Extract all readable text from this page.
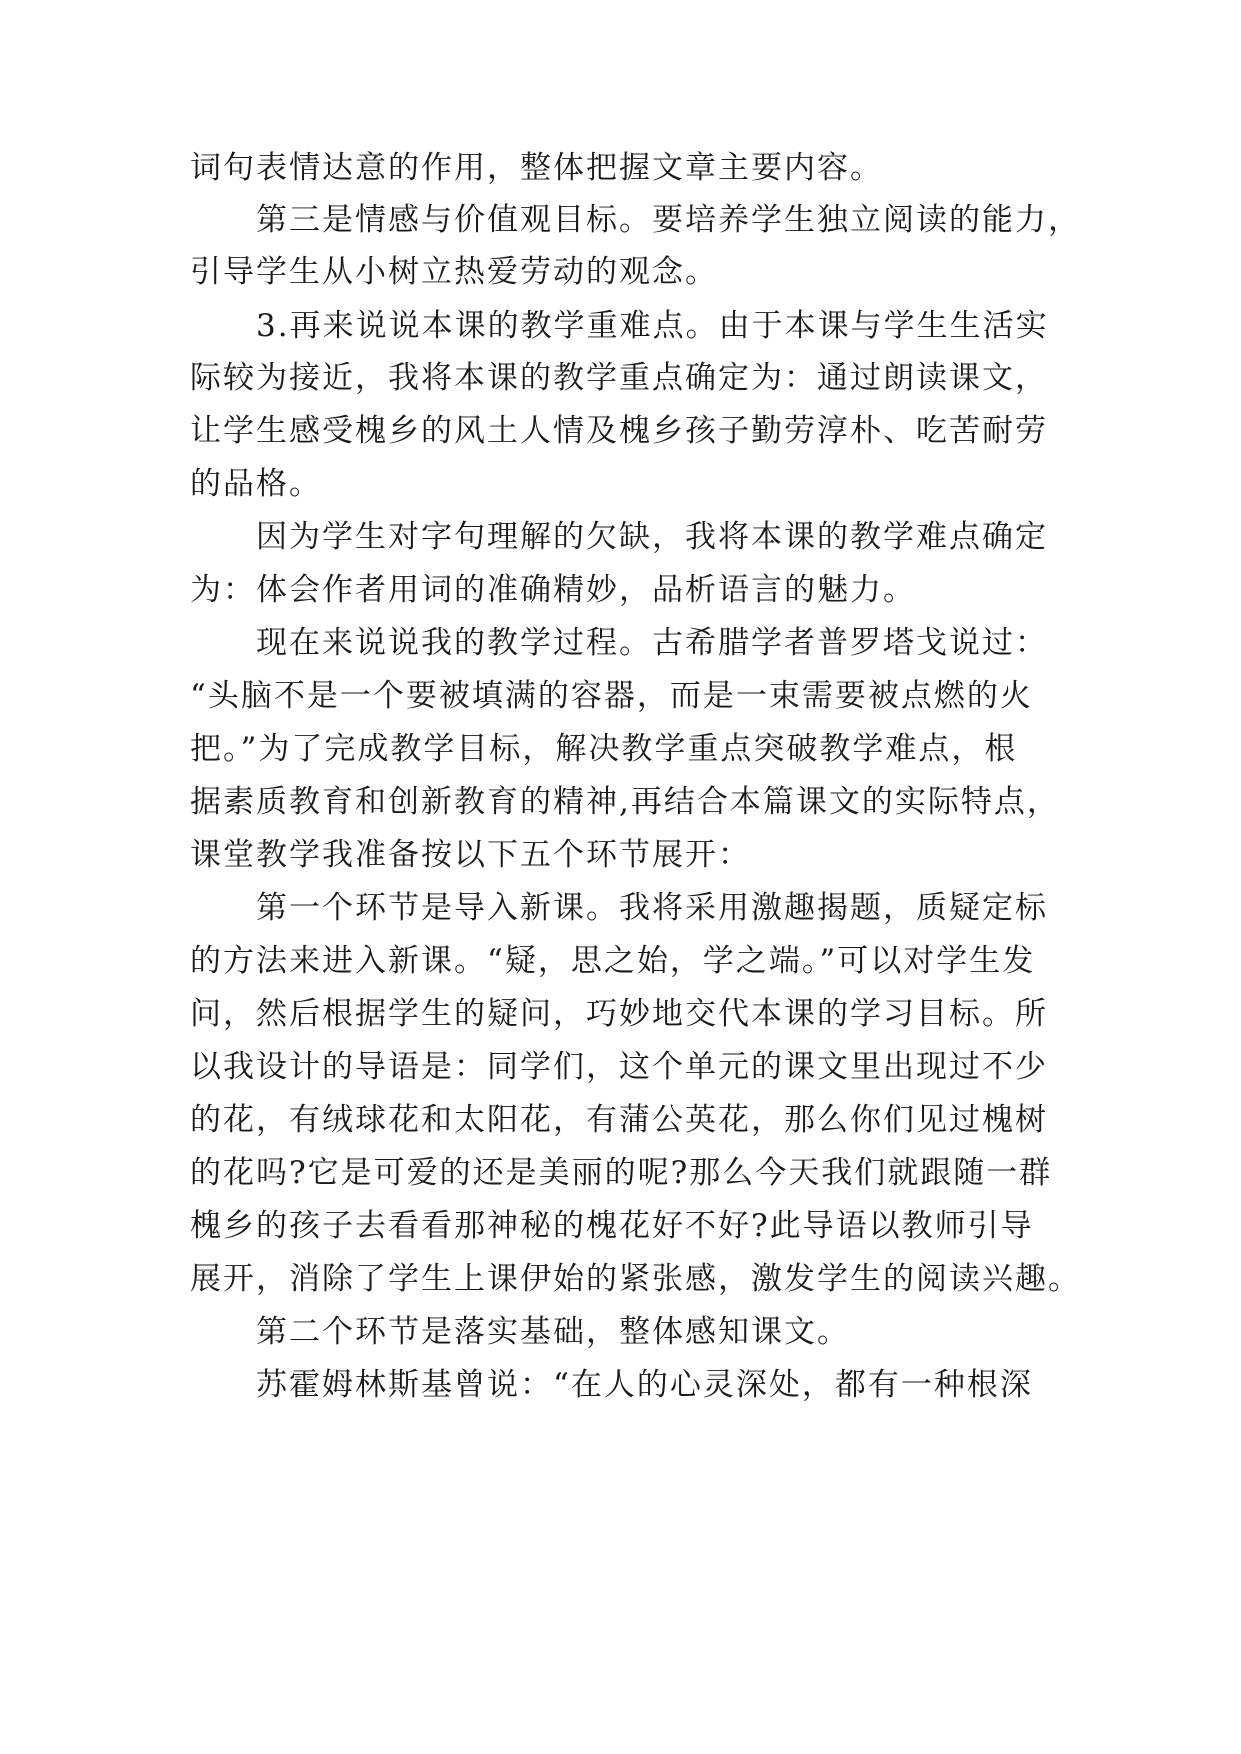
词句表情达意的作用，整体把握文章主要内容。
第三是情感与价值观目标。要培养学生独立阅读的能力，
引导学生从小树立热爱劳动的观念。
3.再来说说本课的教学重难点。由于本课与学生生活实
际较为接近，我将本课的教学重点确定为：通过朗读课文，
让学生感受槐乡的风土人情及槐乡孩子勤劳淳朴、吃苦耐劳
的品格。
因为学生对字句理解的欠缺，我将本课的教学难点确定
为：体会作者用词的准确精妙，品析语言的魅力。
现在来说说我的教学过程。古希腊学者普罗塔戈说过：
“头脑不是一个要被填满的容器，而是一束需要被点燃的火
把。”为了完成教学目标，解决教学重点突破教学难点，根
据素质教育和创新教育的精神,再结合本篇课文的实际特点，
课堂教学我准备按以下五个环节展开：
第一个环节是导入新课。我将采用激趣揭题，质疑定标
的方法来进入新课。“疑，思之始，学之端。”可以对学生发
问，然后根据学生的疑问，巧妙地交代本课的学习目标。所
以我设计的导语是：同学们，这个单元的课文里出现过不少
的花，有绒球花和太阳花，有蒲公英花，那么你们见过槐树
的花吗?它是可爱的还是美丽的呢?那么今天我们就跟随一群
槐乡的孩子去看看那神秘的槐花好不好?此导语以教师引导
展开，消除了学生上课伊始的紧张感，激发学生的阅读兴趣。
第二个环节是落实基础，整体感知课文。
苏霍姆林斯基曾说：“在人的心灵深处，都有一种根深
